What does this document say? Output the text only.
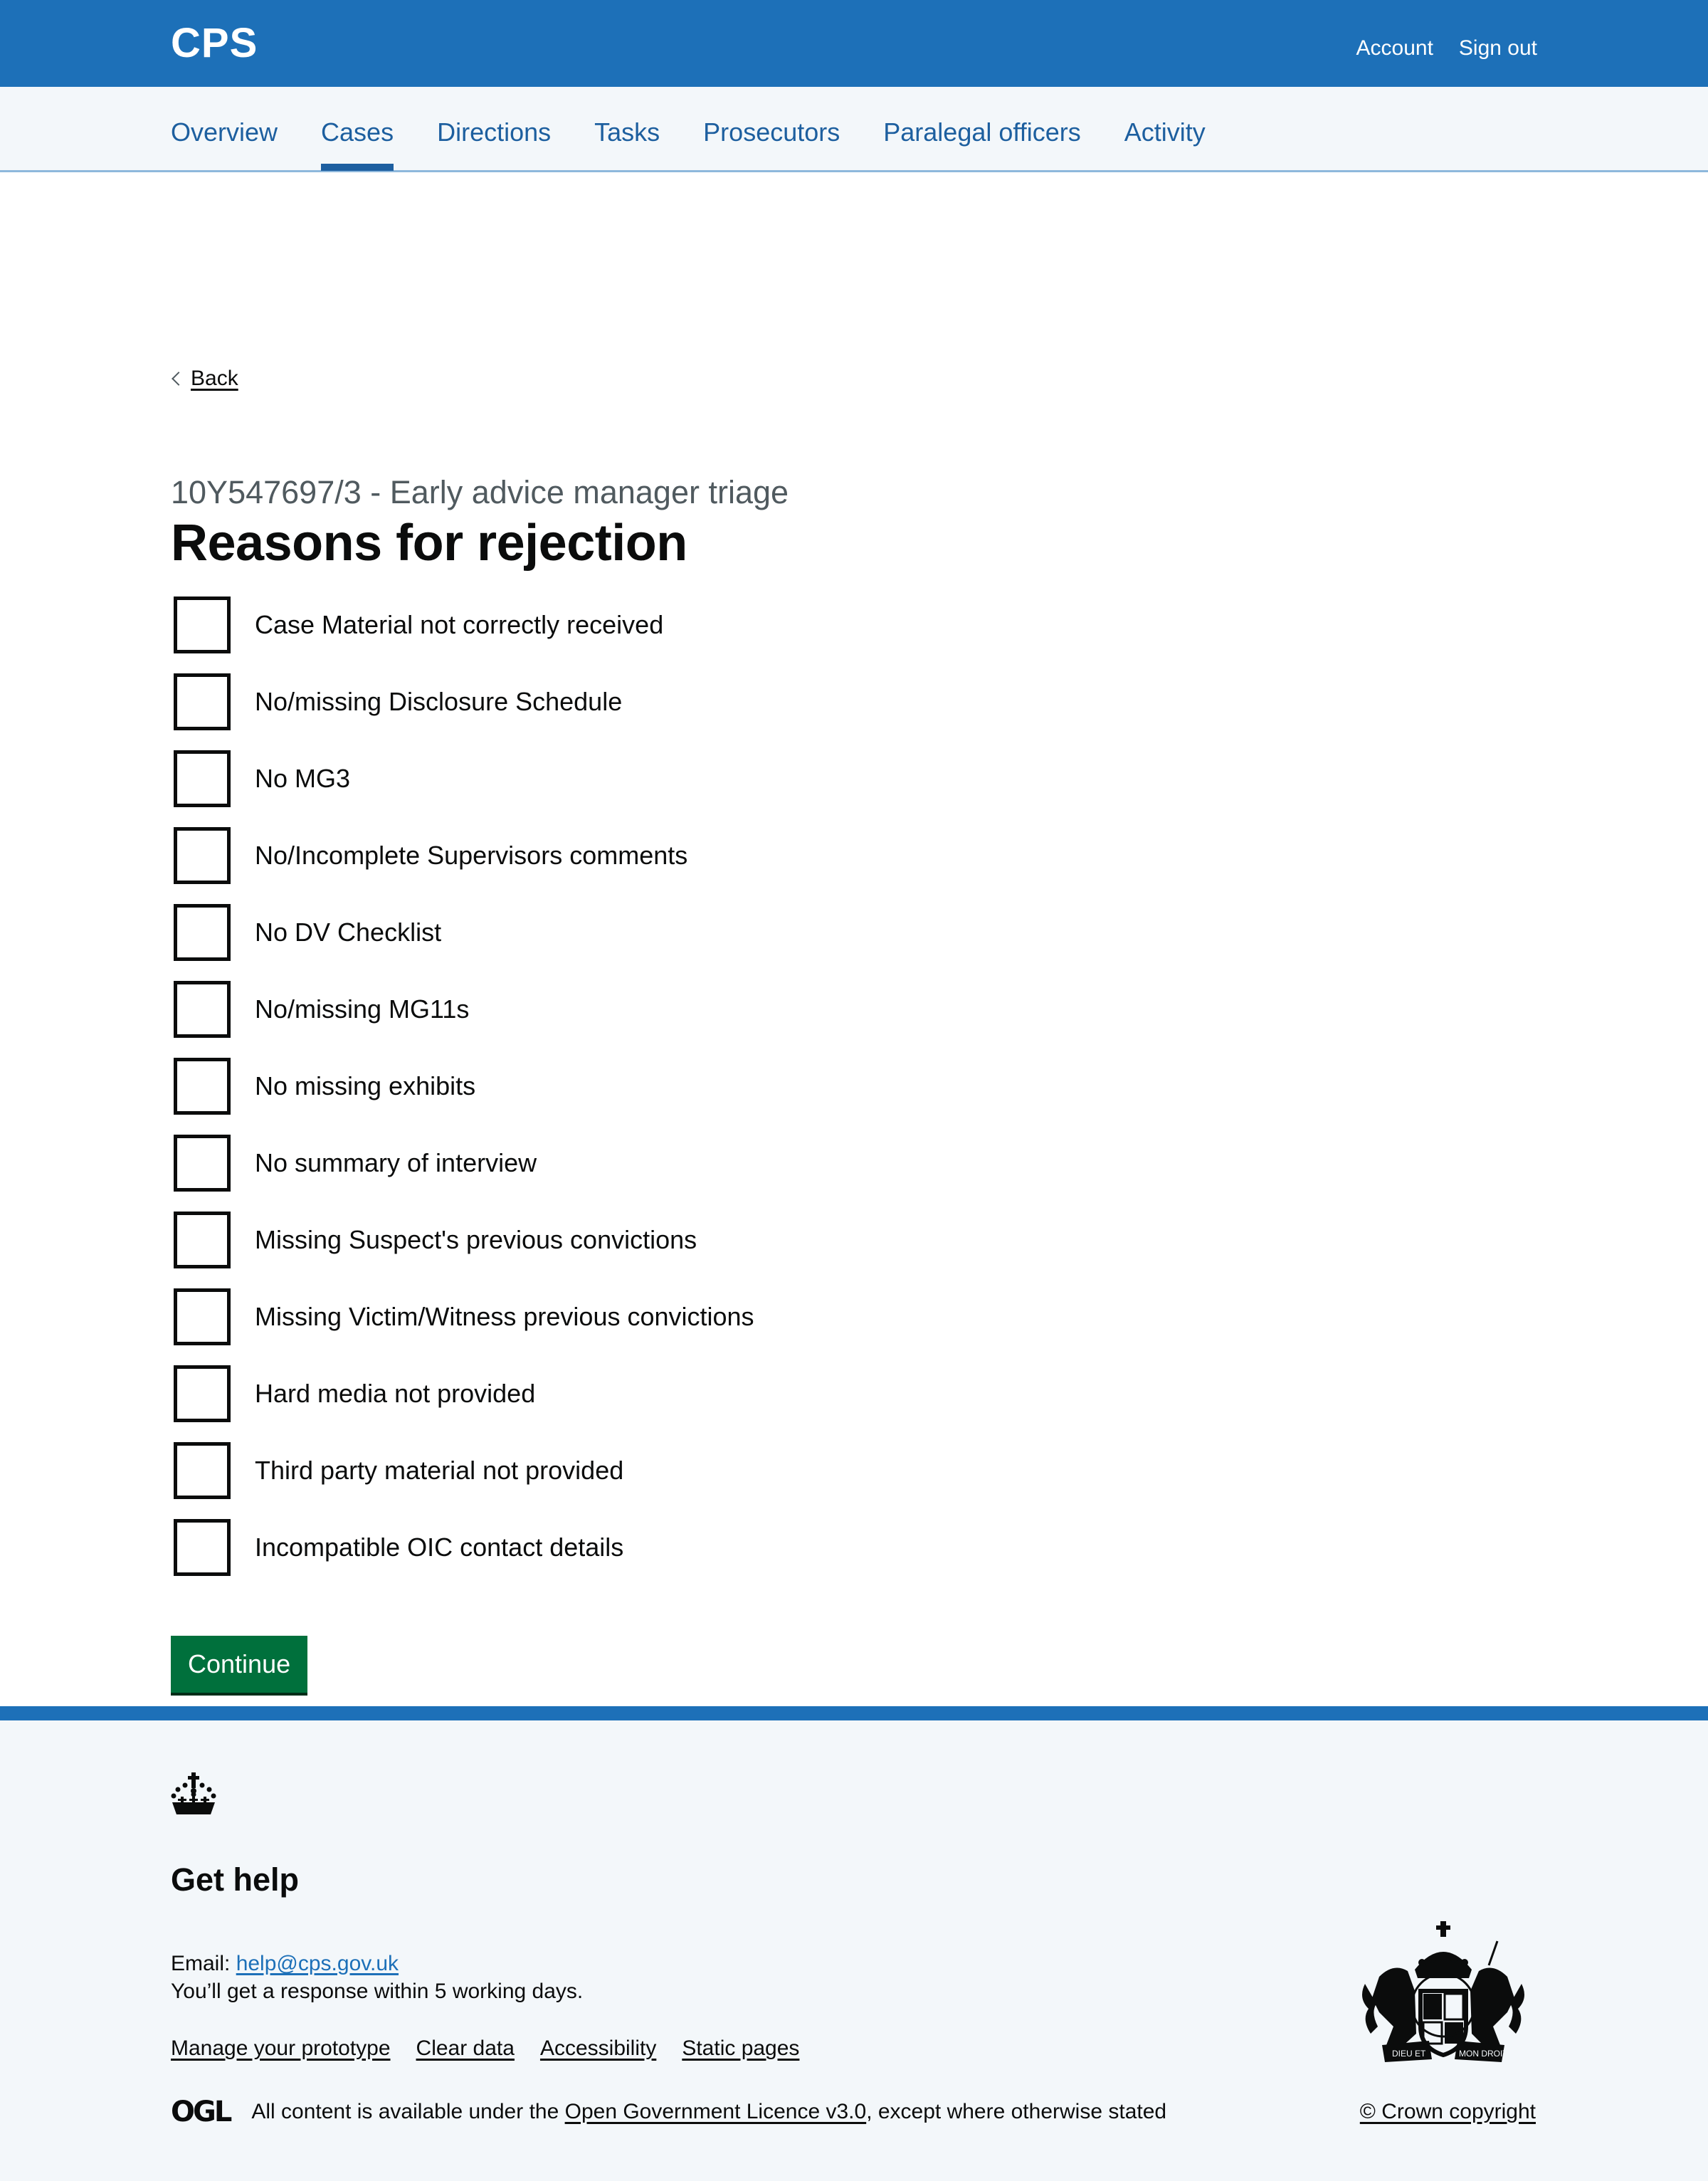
CPS	Account Sign out
Overview Cases Directions Tasks Prosecutors Paralegal officers Activity
Back
10Y547697/3 - Early advice manager triage
Reasons for rejection
Case Material not correctly received
No/missing Disclosure Schedule
No MG3
No/Incomplete Supervisors comments
No DV Checklist
No/missing MG11s
No missing exhibits
No summary of interview
Missing Suspect's previous convictions
Missing Victim/Witness previous convictions
Hard media not provided
Third party material not provided
Incompatible OIC contact details
Continue
Get help

Email: help@cps.gov.uk

You’ll get a response within 5 working days.

Manage your prototype Clear data Accessibility Static pages
OGL All content is available under the Open Government Licence v3.0, except where otherwise stated
DIEU ET	MON DROIT
© Crown copyright
